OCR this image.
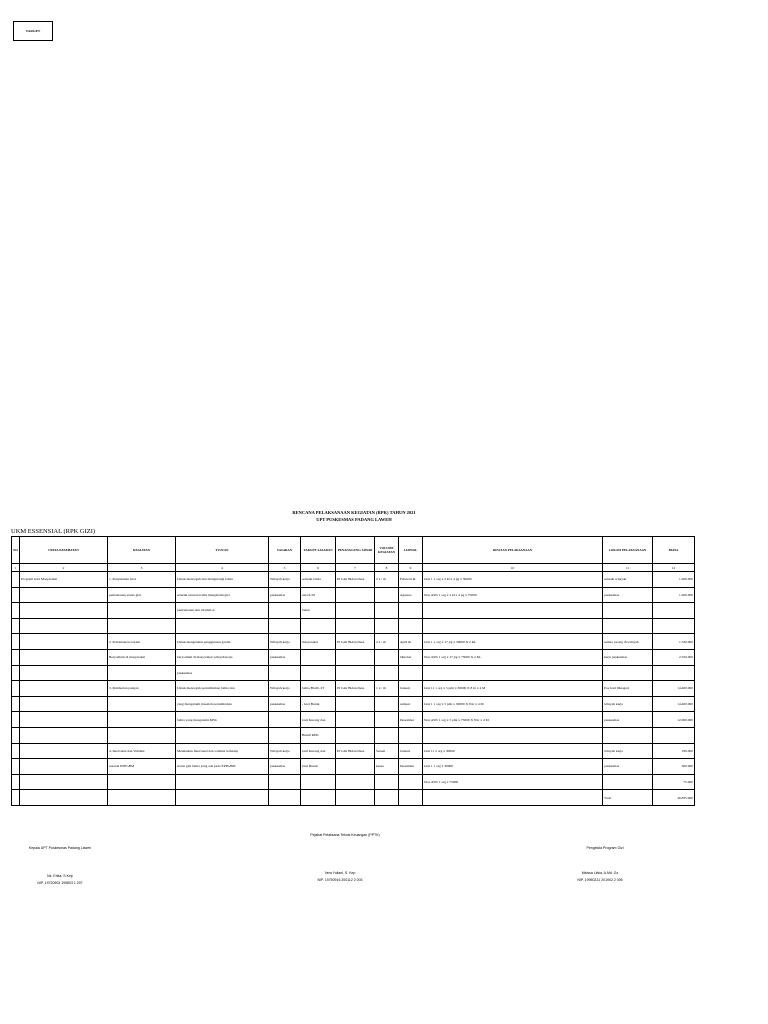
TARGET
RENCANA PELAKSANAAN KEGIATAN (RPK) TAHUN 2021
UPT PUSKESMAS PADANG LAWEH
UKM ESSENSIAL (RPK GIZI)
NO	UPAYA KESEHATAN	KEGIATAN	TUJUAN	SASARAN	TARGET SASARAN	PENANGGUNG JAWAB	VOLUME KEGIATAN	JADWAL	RINCIAN PELAKSANAAN	LOKASI PELAKSANAAN	BIAYA
1	2	3	4	5	6	7	8	9	10	11	12
	Program Gizi Masyarakat	1. Penyuluhan Gizi	Untuk mencegah dan mengurangi balita	Wilayah kerja	seluruh balita	PJ Gizi Bidan Desa	2 x / th	Februari &	Gizi 1 1 org x 2 kl x 4 pg x 30000	seluruh wilayah	1.200.000
		pemantauan status gizi	seluruh sasaran balita mengalami gizi	puskesmas	usia 6-59			Agustus	Non ASN 1 org x 2 kl x 4 pg x 75000	puskesmas	1.200.000
			pemantauan dan vitamin A		bulan						

		2. Pemantauan Garam	Untuk mengetahui penggunaan garam	Wilayah kerja	masyarakat	PJ Gizi Bidan Desa	2 x / th	April &	Gizi 1 1 org x 17 jrg x 30000 X 2 KL	semua jorong di wilayah	1.530.000
		Beryodium di masyarakat	beryodium di masyarakat wilayah kerja	puskesmas				Oktober	Non ASN 1 org x 17 jrg x 75000 X 2 KL	kerja puskesmas	2.550.000
			puskesmas								
		3. Pemberian pangan	Untuk mencegah pertumbuhan balita dan	Wilayah kerja	balita BGM, 2T	PJ Gizi Bidan Desa	1 x / th	Januari	Gizi 11 1 org x 5 pmt x 30000 X 8 hr x 4 M	Pos Gizi Dinagari	14.400.000
			yang mengalami masalah pertumbuhan	puskesmas	, Gizi Buruk			sampai	Gizi 1 1 org x 5 pmt x 30000 X 8 hr x 4 M	wilayah kerja	14.400.000
			balita yang mengalami KEK		Gizi Kurang dan			Desember	Non ASN 1 org x 5 pmt x 75000 X 8 hr x 4 M	puskesmas	12.000.000
					Bumil KEK						
		4. Intervensi dan Validasi	Melakukan Intervensi dan validasi terhadap	Wilayah kerja	Gizi Kurang dan	PJ Gizi Bidan Desa	Sesuai	Januari	Gizi 11 2 org x 30000	wilayah kerja	180.000
		sasaran EPPGBM	status gizi balita yang ada pada EPPGBM	puskesmas	Gizi Buruk		kasus	Desember	Gizi 1 1 org x 30000	puskesmas	300.000
									Non ASN 1 org x 75000		75.000
										Total	46.835.000
Pejabat Pelaksana Teknis Keuangan (PPTK)
Kepala UPT Puskesmas Padang Laweh	Pengelola Program Gizi
Ns. Erika, S.Kep
NIP. 19720903 199803 1 007
Vera Yuliani, S. Kep
NIP. 19750916 200112 2 003
Meissa Lifsia, A.Md. Gz
NIP. 19950221 201902 2 005
